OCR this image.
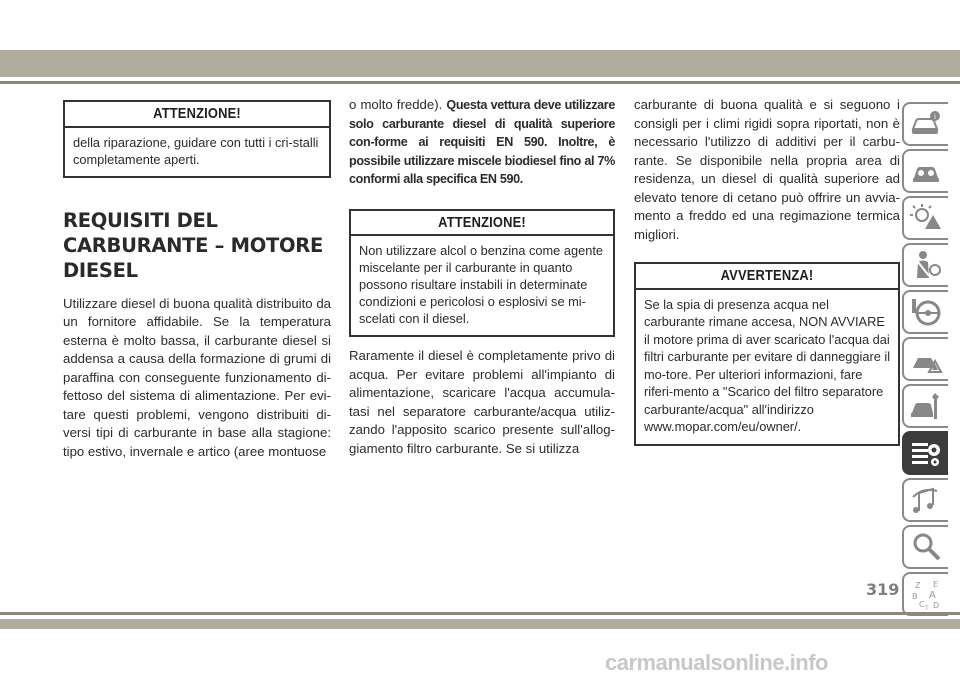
ATTENZIONE!
della riparazione, guidare con tutti i cri-stalli completamente aperti.
REQUISITI DEL
CARBURANTE – MOTORE
DIESEL

Utilizzare diesel di buona qualità distribuito da un fornitore affidabile. Se la temperatura esterna è molto bassa, il carburante diesel si addensa a causa della formazione di grumi di paraffina con conseguente funzionamento di-fettoso del sistema di alimentazione. Per evi-tare questi problemi, vengono distribuiti di-versi tipi di carburante in base alla stagione: tipo estivo, invernale e artico (aree montuose

o molto fredde). Questa vettura deve utilizzare solo carburante diesel di qualità superiore con-forme ai requisiti EN 590. Inoltre, è possibile utilizzare miscele biodiesel fino al 7% conformi alla specifica EN 590.

ATTENZIONE!
Non utilizzare alcol o benzina come agente miscelante per il carburante in quanto possono risultare instabili in determinate condizioni e pericolosi o esplosivi se mi-scelati con il diesel.

Raramente il diesel è completamente privo di acqua. Per evitare problemi all'impianto di alimentazione, scaricare l'acqua accumula-tasi nel separatore carburante/acqua utiliz-zando l'apposito scarico presente sull'allog-giamento filtro carburante. Se si utilizza

carburante di buona qualità e si seguono i consigli per i climi rigidi sopra riportati, non è necessario l'utilizzo di additivi per il carbu-rante. Se disponibile nella propria area di residenza, un diesel di qualità superiore ad elevato tenore di cetano può offrire un avvia-mento a freddo ed una regimazione termica migliori.

AVVERTENZA!
Se la spia di presenza acqua nel carburante rimane accesa, NON AVVIARE il motore prima di aver scaricato l'acqua dai filtri carburante per evitare di danneggiare il mo-tore. Per ulteriori informazioni, fare riferi-mento a "Scarico del filtro separatore carburante/acqua" all'indirizzo www.mopar.com/eu/owner/.
i
Z E
B A
C D
T
319
carmanualsonline.info
